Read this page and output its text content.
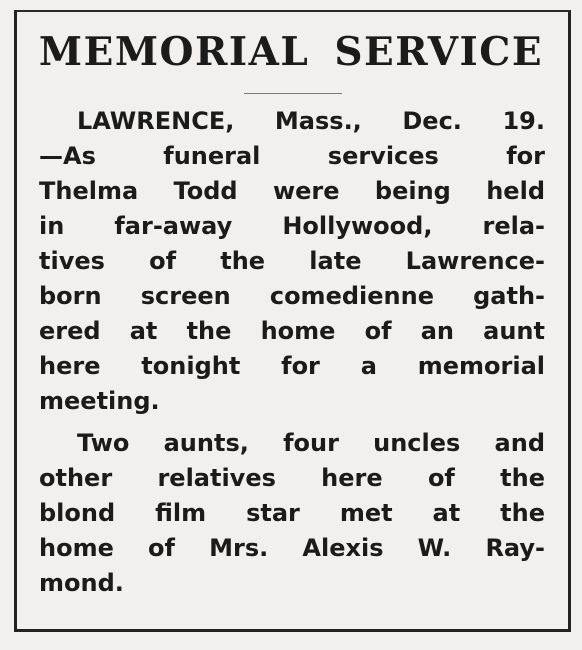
MEMORIAL SERVICE
LAWRENCE, Mass., Dec. 19.
—As funeral services for
Thelma Todd were being held
in far-away Hollywood, rela-
tives of the late Lawrence-
born screen comedienne gath-
ered at the home of an aunt
here tonight for a memorial
meeting.
Two aunts, four uncles and
other relatives here of the
blond film star met at the
home of Mrs. Alexis W. Ray-
mond.
